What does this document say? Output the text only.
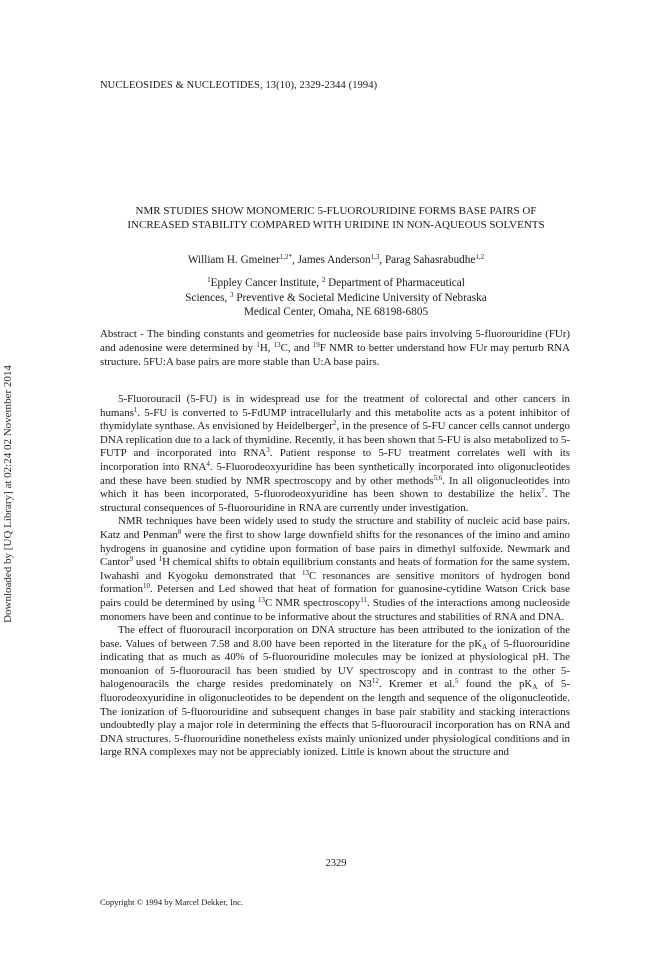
Downloaded by [UQ Library] at 02:24 02 November 2014
NUCLEOSIDES & NUCLEOTIDES, 13(10), 2329-2344 (1994)
NMR STUDIES SHOW MONOMERIC 5-FLUOROURIDINE FORMS BASE PAIRS OF
INCREASED STABILITY COMPARED WITH URIDINE IN NON-AQUEOUS SOLVENTS
William H. Gmeiner$^{1,2*}$, James Anderson$^{1,3}$, Parag Sahasrabudhe$^{1,2}$
$^1$Eppley Cancer Institute, $^2$ Department of Pharmaceutical
Sciences, $^3$ Preventive & Societal Medicine University of Nebraska
Medical Center, Omaha, NE 68198-6805
Abstract - The binding constants and geometries for nucleoside base pairs involving 5-fluorouridine (FUr) and adenosine were determined by $^1$H, $^{13}$C, and $^{19}$F NMR to better understand how FUr may perturb RNA structure. 5FU:A base pairs are more stable than U:A base pairs.

5-Fluorouracil (5-FU) is in widespread use for the treatment of colorectal and other cancers in humans$^1$. 5-FU is converted to 5-FdUMP intracellularly and this metabolite acts as a potent inhibitor of thymidylate synthase. As envisioned by Heidelberger$^2$, in the presence of 5-FU cancer cells cannot undergo DNA replication due to a lack of thymidine. Recently, it has been shown that 5-FU is also metabolized to 5-FUTP and incorporated into RNA$^3$. Patient response to 5-FU treatment correlates well with its incorporation into RNA$^4$. 5-Fluorodeoxyuridine has been synthetically incorporated into oligonucleotides and these have been studied by NMR spectroscopy and by other methods$^{5,6}$. In all oligonucleotides into which it has been incorporated, 5-fluorodeoxyuridine has been shown to destabilize the helix$^7$. The structural consequences of 5-fluorouridine in RNA are currently under investigation.

NMR techniques have been widely used to study the structure and stability of nucleic acid base pairs. Katz and Penman$^8$ were the first to show large downfield shifts for the resonances of the imino and amino hydrogens in guanosine and cytidine upon formation of base pairs in dimethyl sulfoxide. Newmark and Cantor$^9$ used $^1$H chemical shifts to obtain equilibrium constants and heats of formation for the same system. Iwahashi and Kyogoku demonstrated that $^{13}$C resonances are sensitive monitors of hydrogen bond formation$^{10}$. Petersen and Led showed that heat of formation for guanosine-cytidine Watson Crick base pairs could be determined by using $^{13}$C NMR spectroscopy$^{11}$. Studies of the interactions among nucleoside monomers have been and continue to be informative about the structures and stabilities of RNA and DNA.

The effect of fluorouracil incorporation on DNA structure has been attributed to the ionization of the base. Values of between 7.58 and 8.00 have been reported in the literature for the $pK_A$ of 5-fluorouridine indicating that as much as 40% of 5-fluorouridine molecules may be ionized at physiological pH. The monoanion of 5-fluorouracil has been studied by UV spectroscopy and in contrast to the other 5-halogenouracils the charge resides predominately on $N3^{12}$. Kremer et al.$^5$ found the $pK_A$ of 5-fluorodeoxyuridine in oligonucleotides to be dependent on the length and sequence of the oligonucleotide. The ionization of 5-fluorouridine and subsequent changes in base pair stability and stacking interactions undoubtedly play a major role in determining the effects that 5-fluorouracil incorporation has on RNA and DNA structures. 5-fluorouridine nonetheless exists mainly unionized under physiological conditions and in large RNA complexes may not be appreciably ionized. Little is known about the structure and

2329
Copyright © 1994 by Marcel Dekker, Inc.
